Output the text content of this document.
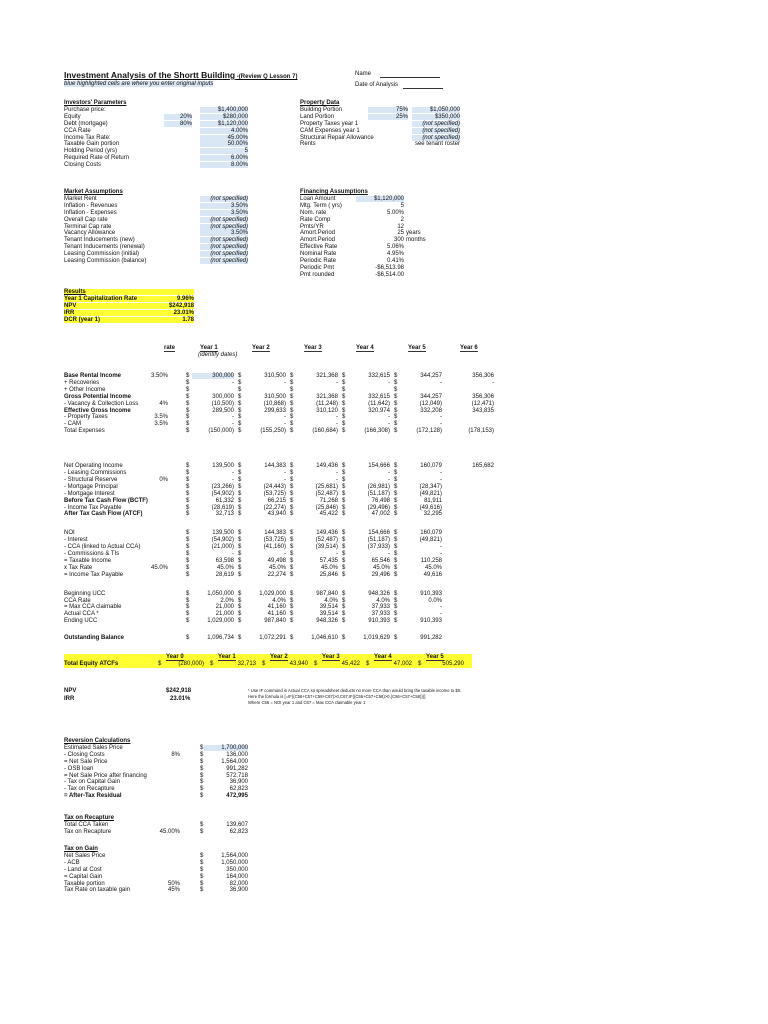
Investment Analysis of the Shortt Building -(Review Q Lesson 7)
blue highlighted cells are where you enter original inputs
Name
Date of Analysis
Investors' Parameters
Purchase price:	$1,400,000
Equity	20%	$280,000
Debt (mortgage)	80%	$1,120,000
CCA Rate	4.00%
Income Tax Rate:	45.00%
Taxable Gain portion	50.00%
Holding Period (yrs)	5
Required Rate of Return	6.00%
Closing Costs	8.00%
Property Data
Building Portion	75%	$1,050,000
Land Portion	25%	$350,000
Property Taxes year 1	(not specified)
CAM Expenses year 1	(not specified)
Structural Repair Allowance	(not specified)
Rents	see tenant roster
Market Assumptions
Market Rent	(not specified)
Inflation - Revenues	3.50%
Inflation - Expenses	3.50%
Overall Cap rate	(not specified)
Terminal Cap rate	(not specified)
Vacancy Allowance	3.50%
Tenant Inducements (new)	(not specified)
Tenant Inducements (renewal)	(not specified)
Leasing Commission (initial)	(not specified)
Leasing Commission (balance)	(not specified)
Financing Assumptions
Loan Amount	$1,120,000
Mtg. Term ( yrs)	5
Nom. rate	5.00%
Rate Comp	2
Pmts/YR	12
Amort.Period	25 years
Amort.Period	300 months
Effective Rate	5.06%
Nominal Rate	4.95%
Periodic Rate	0.41%
Periodic Pmt	-$6,513.98
Pmt rounded	-$6,514.00
Results
Year 1 Capitalization Rate	9.96%
NPV	$242,918
IRR	23.01%
DCR (year 1)	1.78
rate	Year 1	Year 2	Year 3	Year 4	Year 5	Year 6
(identify dates)
Base Rental Income	3.50%	$	300,000 $	310,500 $	321,368 $	332,615 $	344,257	356,306
+ Recoveries	$	- $	- $	- $	- $	-	-
+ Other Income	$	$	$	$	$
Gross Potential Income	$	300,000 $	310,500 $	321,368 $	332,615 $	344,257	356,306
- Vacancy & Collection Loss	4%	$	(10,500) $	(10,868) $	(11,248) $	(11,642) $	(12,049)	(12,471)
Effective Gross Income	$	289,500 $	299,633 $	310,120 $	320,974 $	332,208	343,835
- Property Taxes	3.5%	$	- $	- $	- $	- $	-
- CAM	3.5%	$	- $	- $	- $	- $	-
Total Expenses	$	(150,000) $	(155,250) $	(160,684) $	(166,308) $	(172,128)	(178,153)
Net Operating Income	$	139,500 $	144,383 $	149,436 $	154,666 $	160,079	165,682
- Leasing Commissions	$	- $	- $	- $	- $	-
- Structural Reserve	0%	$	- $	- $	- $	- $	-
- Mortgage Principal	$	(23,266) $	(24,443) $	(25,681) $	(26,981) $	(28,347)
- Mortgage Interest	$	(54,902) $	(53,725) $	(52,487) $	(51,187) $	(49,821)
Before Tax Cash Flow (BCTF)	$	61,332 $	66,215 $	71,268 $	76,498 $	81,911
- Income Tax Payable	$	(28,619) $	(22,274) $	(25,846) $	(29,496) $	(49,616)
After Tax Cash Flow (ATCF)	$	32,713 $	43,940 $	45,422 $	47,002 $	32,295
NOI	$	139,500 $	144,383 $	149,436 $	154,666 $	160,079
- Interest	$	(54,902) $	(53,725) $	(52,487) $	(51,187) $	(49,821)
- CCA (linked to Actual CCA)	$	(21,000) $	(41,160) $	(39,514) $	(37,933) $	-
- Commissions & TIs	$	- $	- $	- $	- $	-
= Taxable Income	$	63,598 $	49,498 $	57,435 $	65,546 $	110,258
x Tax Rate	45.0%	$	45.0% $	45.0% $	45.0% $	45.0% $	45.0%
= Income Tax Payable	$	28,619 $	22,274 $	25,846 $	29,496 $	49,616
Beginning UCC	$	1,050,000 $	1,029,000 $	987,840 $	948,326 $	910,393
CCA Rate	$	2.0% $	4.0% $	4.0% $	4.0% $	0.0%
= Max CCA claimable	$	21,000 $	41,160 $	39,514 $	37,933 $	-
Actual CCA *	$	21,000 $	41,160 $	39,514 $	37,933 $	-
Ending UCC	$	1,029,000 $	987,840 $	948,326 $	910,393 $	910,393
Outstanding Balance	$	1,096,734 $	1,072,291 $	1,046,610 $	1,019,629 $	991,282
Year 0	Year 1	Year 2	Year 3	Year 4	Year 5
Total Equity ATCFs	$	(280,000) $	32,713 $	43,940 $	45,422 $	47,002 $	505,290
NPV	$242,918
IRR	23.01%
* Use IF command in Actual CCA so spreadsheet deducts no more CCA than would bring the taxable income to $0.
Here the formula is [=IF((C56+C57+C58+C67)>0,C67,IF((C56+C57+C58)>0,(C56+C57+C58)))]
Where C56 = NOI year 1 and C67 = Max CCA claimable year 1
Reversion Calculations
Estimated Sales Price	$	1,700,000
- Closing Costs	8%	$	136,000
= Net Sale Price	$	1,564,000
- OSB loan	$	991,282
= Net Sale Price after financing	$	572,718
- Tax on Capital Gain	$	36,900
- Tax on Recapture	$	62,823
= After-Tax Residual	$	472,995
Tax on Recapture
Total CCA Taken	$	139,607
Tax on Recapture	45.00%	$	62,823
Tax on Gain
Net Sales Price	$	1,564,000
- ACB	$	1,050,000
- Land at Cost	$	350,000
= Capital Gain	$	164,000
Taxable portion	50%	$	82,000
Tax Rate on taxable gain	45%	$	36,900
